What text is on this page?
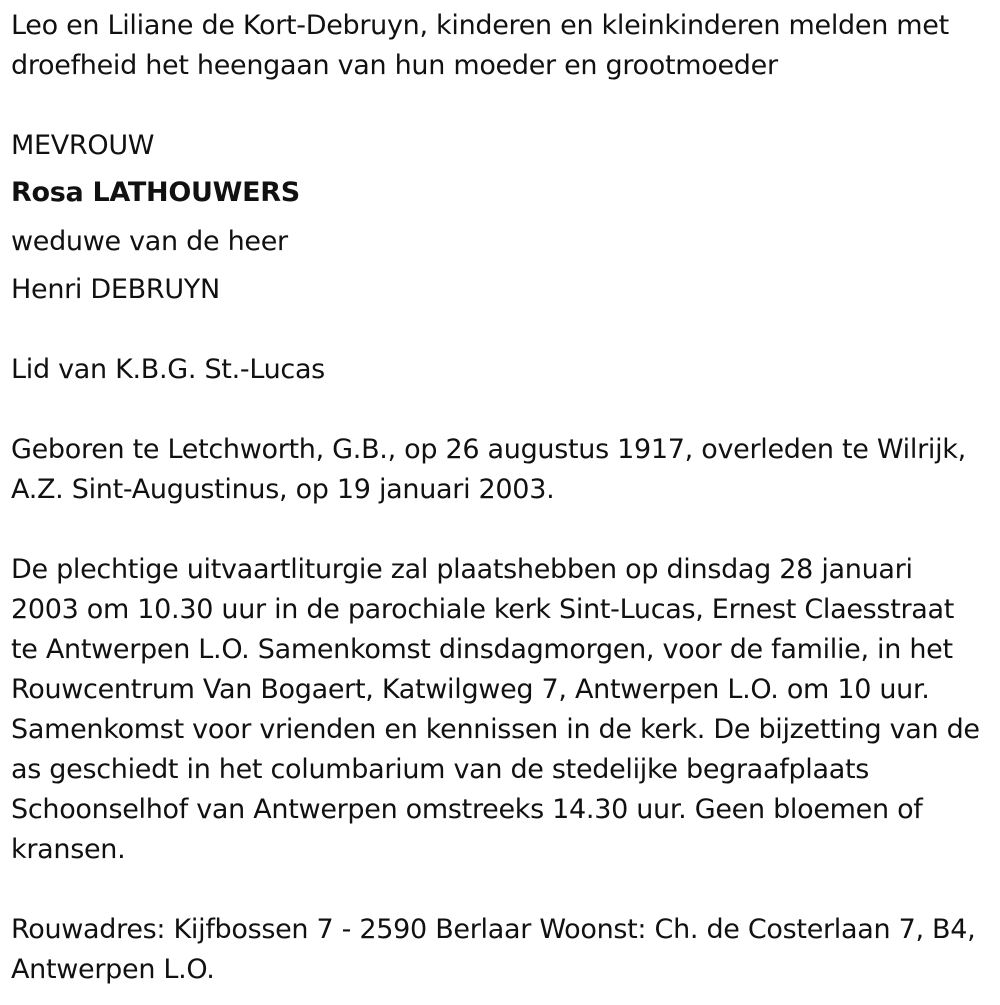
Leo en Liliane de Kort-Debruyn, kinderen en kleinkinderen melden met
droefheid het heengaan van hun moeder en grootmoeder
MEVROUW
Rosa LATHOUWERS
weduwe van de heer
Henri DEBRUYN
Lid van K.B.G. St.-Lucas
Geboren te Letchworth, G.B., op 26 augustus 1917, overleden te Wilrijk,
A.Z. Sint-Augustinus, op 19 januari 2003.
De plechtige uitvaartliturgie zal plaatshebben op dinsdag 28 januari
2003 om 10.30 uur in de parochiale kerk Sint-Lucas, Ernest Claesstraat
te Antwerpen L.O. Samenkomst dinsdagmorgen, voor de familie, in het
Rouwcentrum Van Bogaert, Katwilgweg 7, Antwerpen L.O. om 10 uur.
Samenkomst voor vrienden en kennissen in de kerk. De bijzetting van de
as geschiedt in het columbarium van de stedelijke begraafplaats
Schoonselhof van Antwerpen omstreeks 14.30 uur. Geen bloemen of
kransen.
Rouwadres: Kijfbossen 7 - 2590 Berlaar Woonst: Ch. de Costerlaan 7, B4,
Antwerpen L.O.
